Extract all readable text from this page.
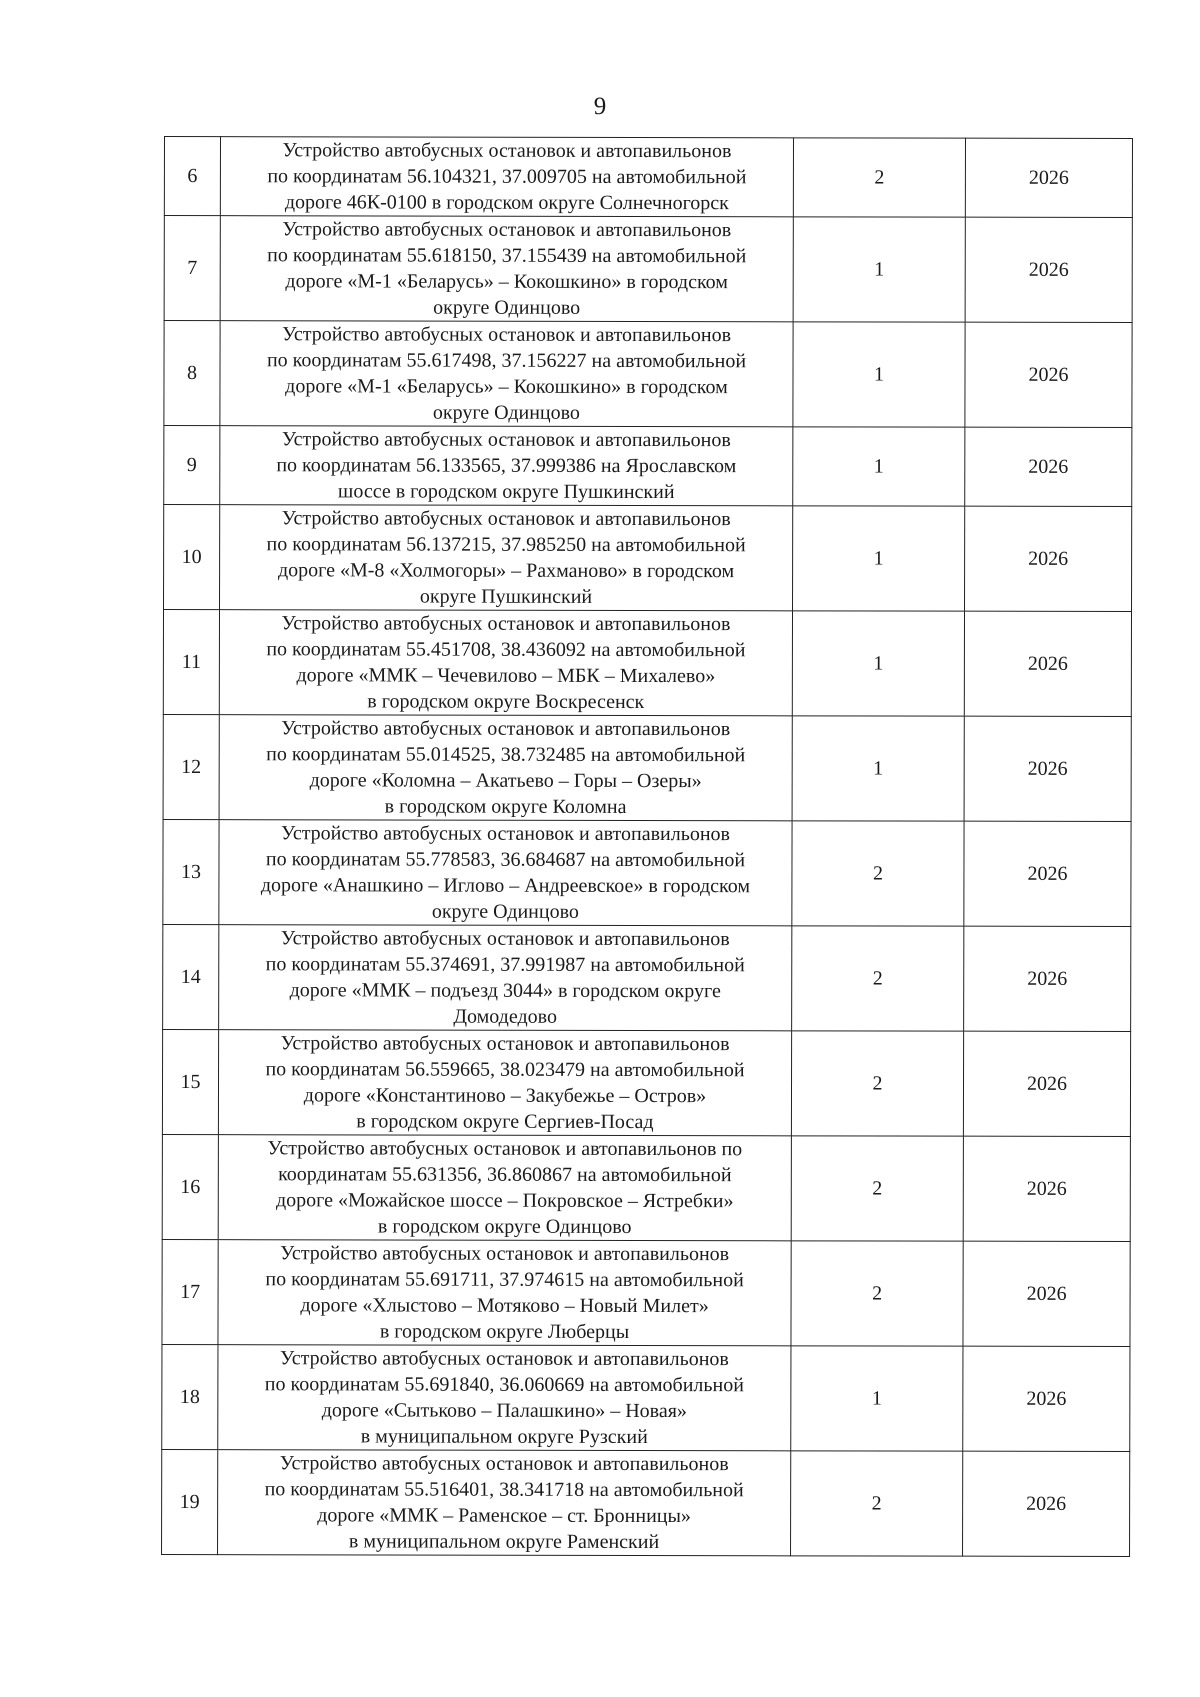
9
6	Устройство автобусных остановок и автопавильонов
по координатам 56.104321, 37.009705 на автомобильной
дороге 46К-0100 в городском округе Солнечногорск	2	2026
7	Устройство автобусных остановок и автопавильонов
по координатам 55.618150, 37.155439 на автомобильной
дороге «М-1 «Беларусь» – Кокошкино» в городском
округе Одинцово	1	2026
8	Устройство автобусных остановок и автопавильонов
по координатам 55.617498, 37.156227 на автомобильной
дороге «М-1 «Беларусь» – Кокошкино» в городском
округе Одинцово	1	2026
9	Устройство автобусных остановок и автопавильонов
по координатам 56.133565, 37.999386 на Ярославском
шоссе в городском округе Пушкинский	1	2026
10	Устройство автобусных остановок и автопавильонов
по координатам 56.137215, 37.985250 на автомобильной
дороге «М-8 «Холмогоры» – Рахманово» в городском
округе Пушкинский	1	2026
11	Устройство автобусных остановок и автопавильонов
по координатам 55.451708, 38.436092 на автомобильной
дороге «ММК – Чечевилово – МБК – Михалево»
в городском округе Воскресенск	1	2026
12	Устройство автобусных остановок и автопавильонов
по координатам 55.014525, 38.732485 на автомобильной
дороге «Коломна – Акатьево – Горы – Озеры»
в городском округе Коломна	1	2026
13	Устройство автобусных остановок и автопавильонов
по координатам 55.778583, 36.684687 на автомобильной
дороге «Анашкино – Иглово – Андреевское» в городском
округе Одинцово	2	2026
14	Устройство автобусных остановок и автопавильонов
по координатам 55.374691, 37.991987 на автомобильной
дороге «ММК – подъезд 3044» в городском округе
Домодедово	2	2026
15	Устройство автобусных остановок и автопавильонов
по координатам 56.559665, 38.023479 на автомобильной
дороге «Константиново – Закубежье – Остров»
в городском округе Сергиев-Посад	2	2026
16	Устройство автобусных остановок и автопавильонов по
координатам 55.631356, 36.860867 на автомобильной
дороге «Можайское шоссе – Покровское – Ястребки»
в городском округе Одинцово	2	2026
17	Устройство автобусных остановок и автопавильонов
по координатам 55.691711, 37.974615 на автомобильной
дороге «Хлыстово – Мотяково – Новый Милет»
в городском округе Люберцы	2	2026
18	Устройство автобусных остановок и автопавильонов
по координатам 55.691840, 36.060669 на автомобильной
дороге «Сытьково – Палашкино» – Новая»
в муниципальном округе Рузский	1	2026
19	Устройство автобусных остановок и автопавильонов
по координатам 55.516401, 38.341718 на автомобильной
дороге «ММК – Раменское – ст. Бронницы»
в муниципальном округе Раменский	2	2026
